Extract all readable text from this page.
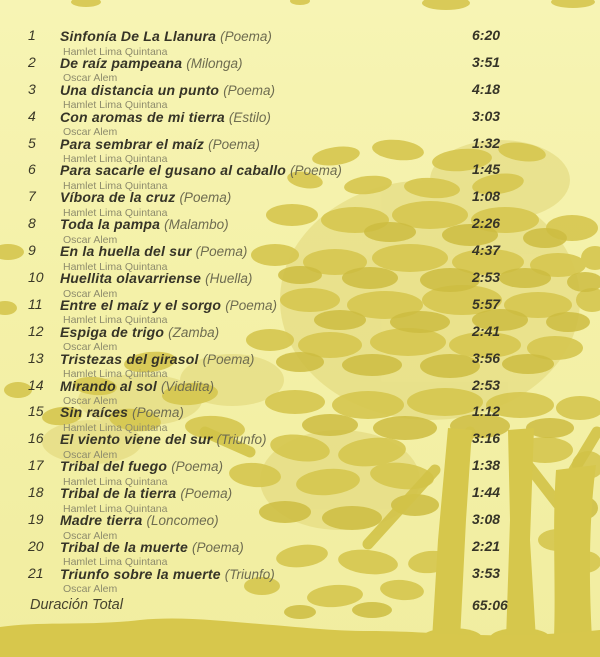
1	Sinfonía De La Llanura (Poema)
Hamlet Lima Quintana
6:20
2	De raíz pampeana (Milonga)
Oscar Alem
3:51
3	Una distancia un punto (Poema)
Hamlet Lima Quintana
4:18
4	Con aromas de mi tierra (Estilo)
Oscar Alem
3:03
5	Para sembrar el maíz (Poema)
Hamlet Lima Quintana
1:32
6	Para sacarle el gusano al caballo (Poema)
Hamlet Lima Quintana
1:45
7	Víbora de la cruz (Poema)
Hamlet Lima Quintana
1:08
8	Toda la pampa (Malambo)
Oscar Alem
2:26
9	En la huella del sur (Poema)
Hamlet Lima Quintana
4:37
10	Huellita olavarriense (Huella)
Oscar Alem
2:53
11	Entre el maíz y el sorgo (Poema)
Hamlet Lima Quintana
5:57
12	Espiga de trigo (Zamba)
Oscar Alem
2:41
13	Tristezas del girasol (Poema)
Hamlet Lima Quintana
3:56
14	Mirando al sol (Vidalita)
Oscar Alem
2:53
15	Sin raíces (Poema)
Hamlet Lima Quintana
1:12
16	El viento viene del sur (Triunfo)
Oscar Alem
3:16
17	Tribal del fuego (Poema)
Hamlet Lima Quintana
1:38
18	Tribal de la tierra (Poema)
Hamlet Lima Quintana
1:44
19	Madre tierra (Loncomeo)
Oscar Alem
3:08
20	Tribal de la muerte (Poema)
Hamlet Lima Quintana
2:21
21	Triunfo sobre la muerte (Triunfo)
Oscar Alem
3:53
Duración Total	65:06
